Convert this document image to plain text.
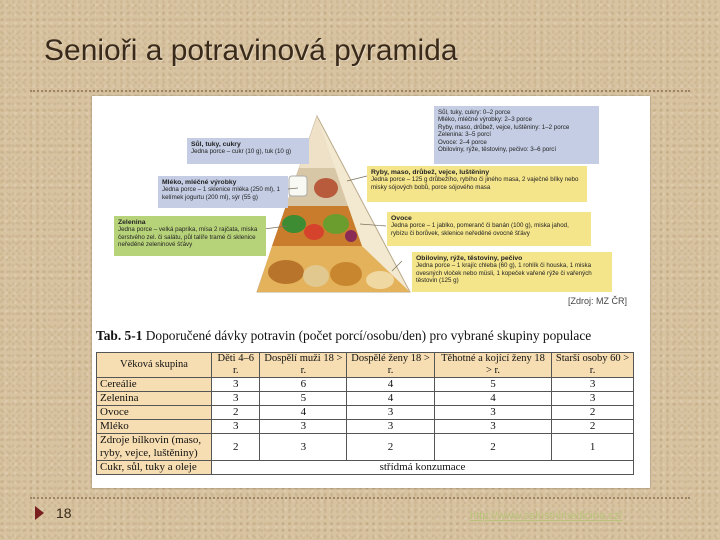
Senioři a potravinová pyramida
Sůl, tuky, cukry: 0–2 porce
Mléko, mléčné výrobky: 2–3 porce
Ryby, maso, drůbež, vejce, luštěniny: 1–2 porce
Zelenina: 3–5 porcí
Ovoce: 2–4 porce
Obiloviny, rýže, těstoviny, pečivo: 3–6 porcí
Sůl, tuky, cukry
Jedna porce – cukr (10 g), tuk (10 g)
Mléko, mléčné výrobky
Jedna porce – 1 sklenice mléka (250 ml), 1 kelímek jogurtu (200 ml), sýr (55 g)
Ryby, maso, drůbež, vejce, luštěniny
Jedna porce – 125 g drůbežího, rybího či jiného masa, 2 vaječné bílky nebo misky sójových bobů, porce sójového masa
Zelenina
Jedna porce – velká paprika, mísa 2 rajčata, miska čerstvého zel. či salátu, půl talíře tramé či sklenice neředěné zeleninové šťávy
Ovoce
Jedna porce – 1 jablko, pomeranč či banán (100 g), miska jahod, rybízu či borůvek, sklenice neředěné ovocné šťávy
Obiloviny, rýže, těstoviny, pečivo
Jedna porce – 1 krajíc chleba (60 g), 1 rohlík či houska, 1 miska ovesných vloček nebo müsli, 1 kopeček vařené rýže či vařených těstovin (125 g)
[Zdroj: MZ ČR]
Tab. 5-1 Doporučené dávky potravin (počet porcí/osobu/den) pro vybrané skupiny populace
Věková skupina	Děti 4–6 r.	Dospělí muži 18 > r.	Dospělé ženy 18 > r.	Těhotné a kojící ženy 18 > r.	Starší osoby 60 > r.
Cereálie	3	6	4	5	3
Zelenina	3	5	4	4	3
Ovoce	2	4	3	3	2
Mléko	3	3	3	3	2
Zdroje bílkovin (maso, ryby, vejce, luštěniny)	2	3	2	2	1
Cukr, sůl, tuky a oleje	střídmá konzumace				
18	http://www.celostnimedicina.cz/
